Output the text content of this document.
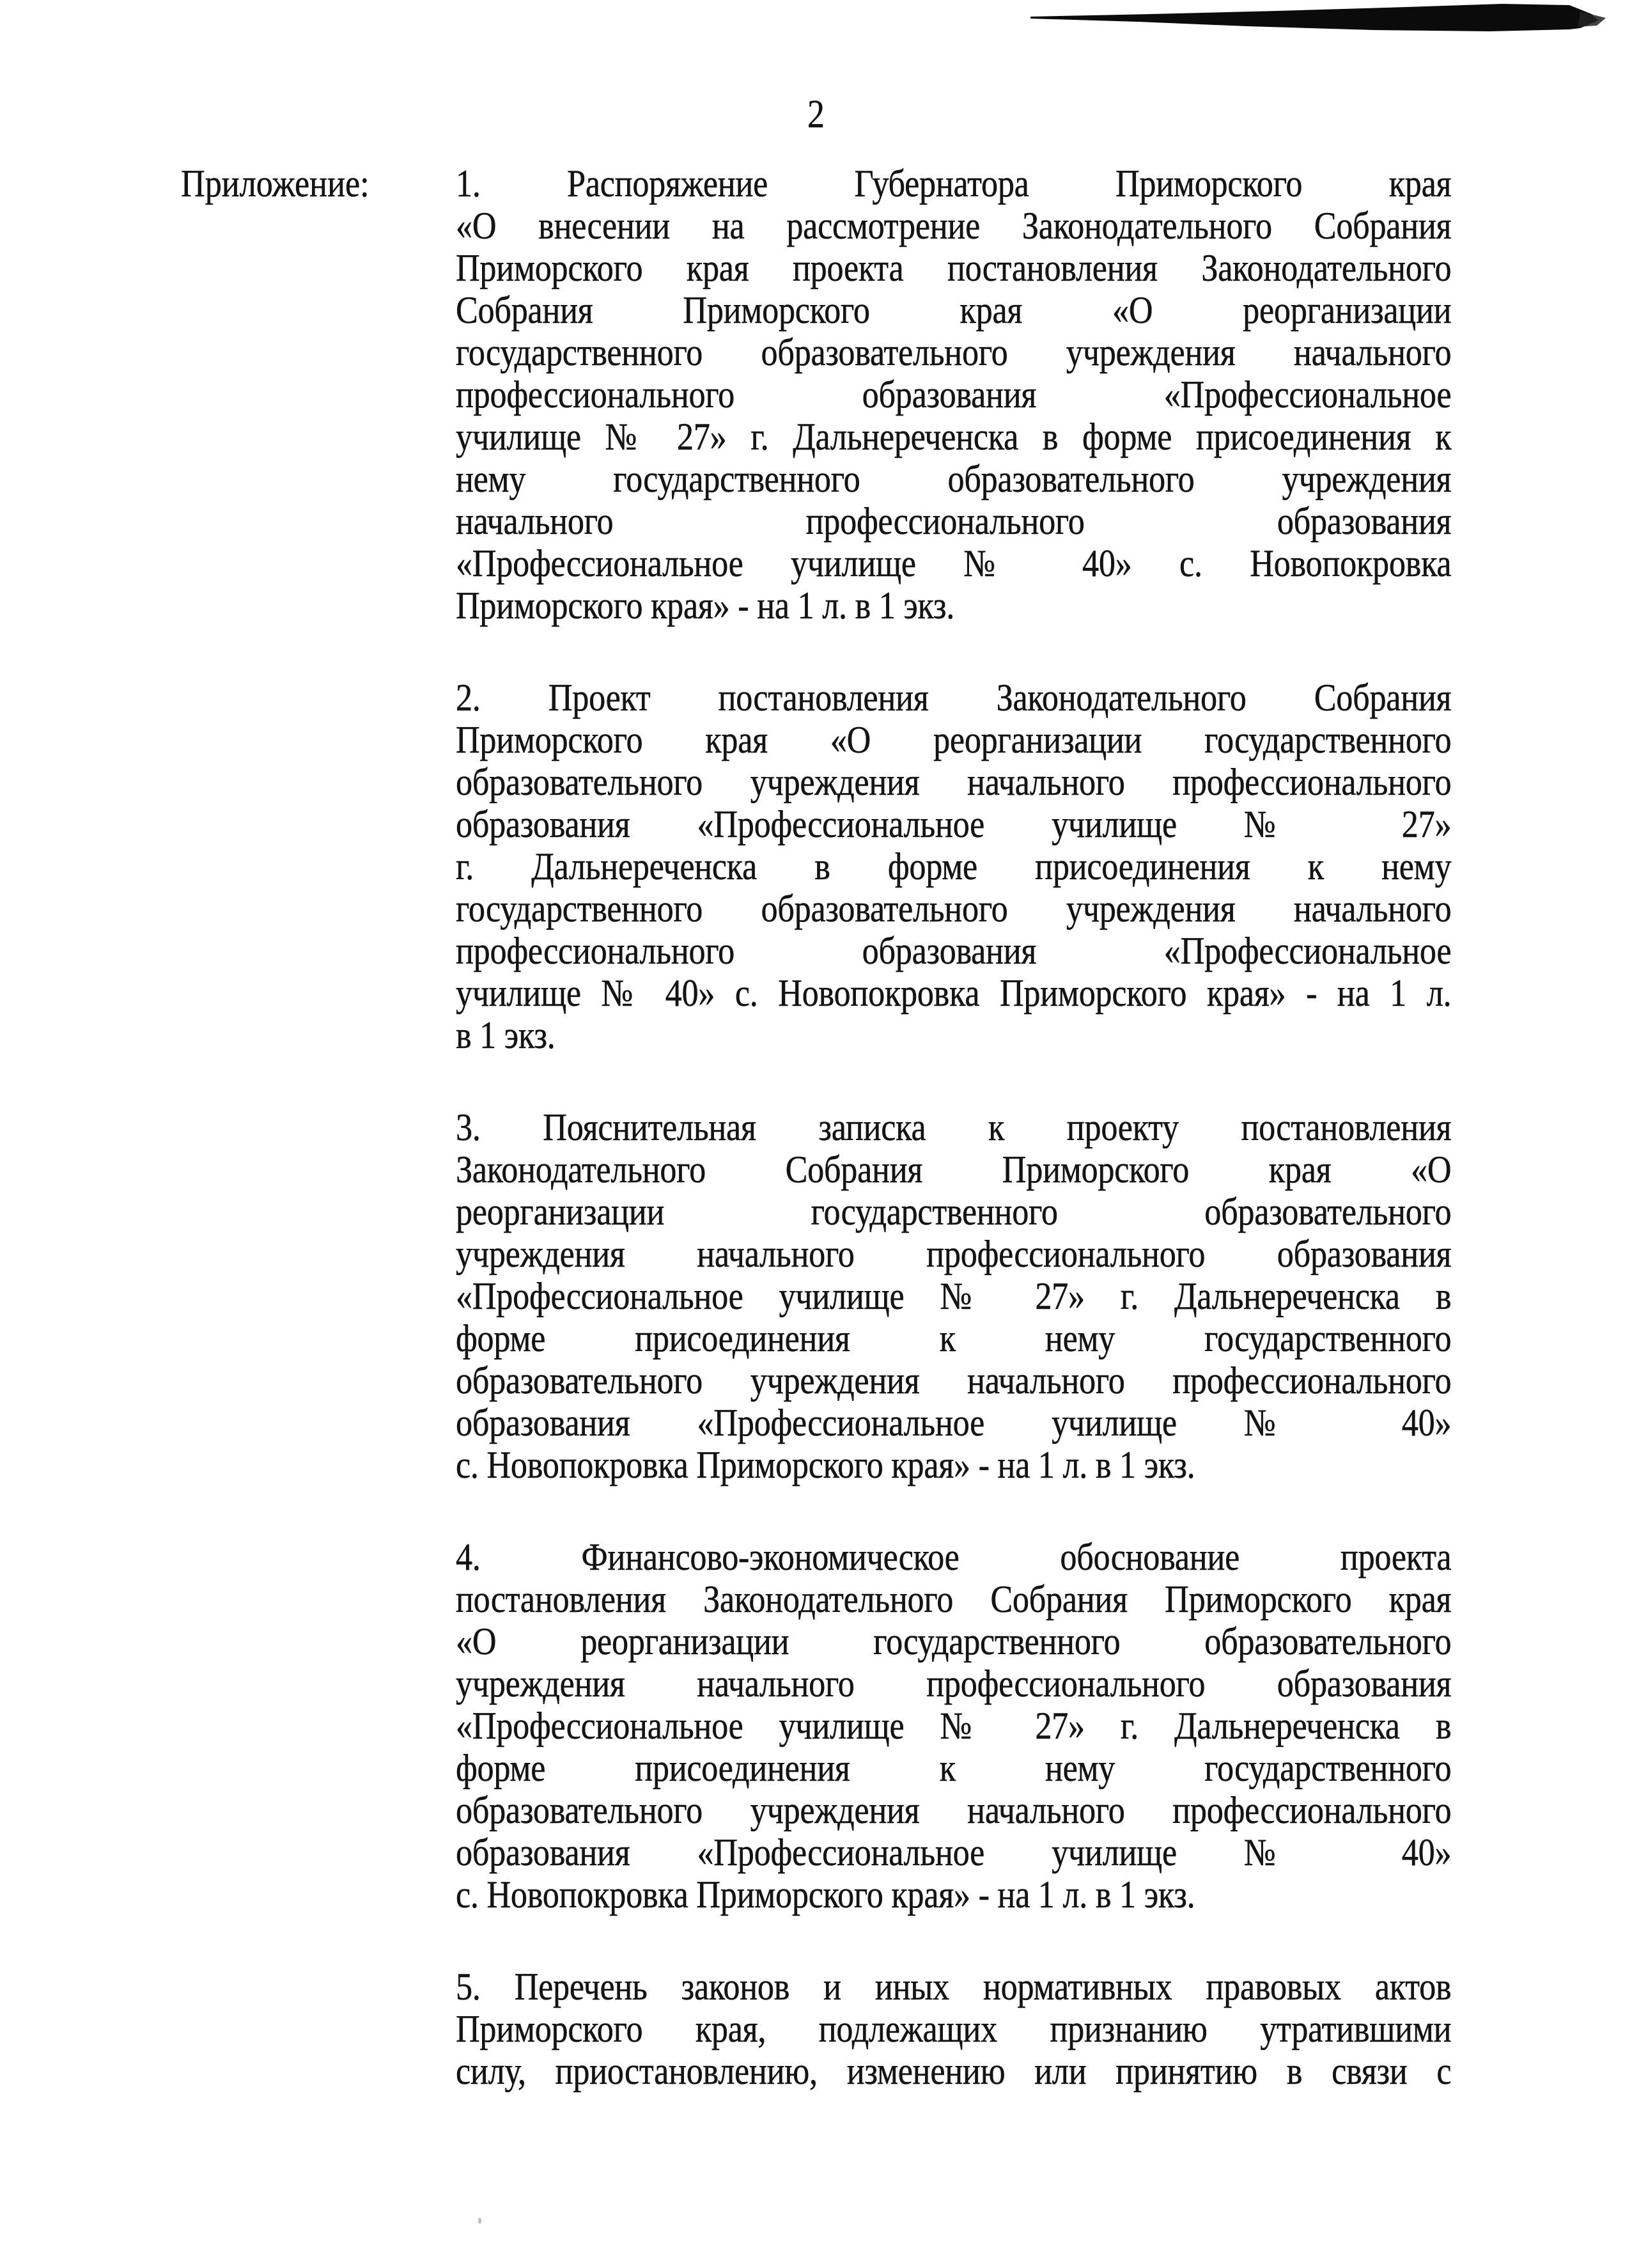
2
Приложение: 1. Распоряжение Губернатора Приморского края
«О внесении на рассмотрение Законодательного Собрания
Приморского края проекта постановления Законодательного
Собрания Приморского края «О реорганизации
государственного образовательного учреждения начального
профессионального образования «Профессиональное
училище № 27» г. Дальнереченска в форме присоединения к
нему государственного образовательного учреждения
начального профессионального образования
«Профессиональное училище № 40» с. Новопокровка
Приморского края» - на 1 л. в 1 экз.
2. Проект постановления Законодательного Собрания
Приморского края «О реорганизации государственного
образовательного учреждения начального профессионального
образования «Профессиональное училище № 27»
г. Дальнереченска в форме присоединения к нему
государственного образовательного учреждения начального
профессионального образования «Профессиональное
училище № 40» с. Новопокровка Приморского края» - на 1 л.
в 1 экз.
3. Пояснительная записка к проекту постановления
Законодательного Собрания Приморского края «О
реорганизации государственного образовательного
учреждения начального профессионального образования
«Профессиональное училище № 27» г. Дальнереченска в
форме присоединения к нему государственного
образовательного учреждения начального профессионального
образования «Профессиональное училище № 40»
с. Новопокровка Приморского края» - на 1 л. в 1 экз.
4. Финансово-экономическое обоснование проекта
постановления Законодательного Собрания Приморского края
«О реорганизации государственного образовательного
учреждения начального профессионального образования
«Профессиональное училище № 27» г. Дальнереченска в
форме присоединения к нему государственного
образовательного учреждения начального профессионального
образования «Профессиональное училище № 40»
с. Новопокровка Приморского края» - на 1 л. в 1 экз.
5. Перечень законов и иных нормативных правовых актов
Приморского края, подлежащих признанию утратившими
силу, приостановлению, изменению или принятию в связи с
